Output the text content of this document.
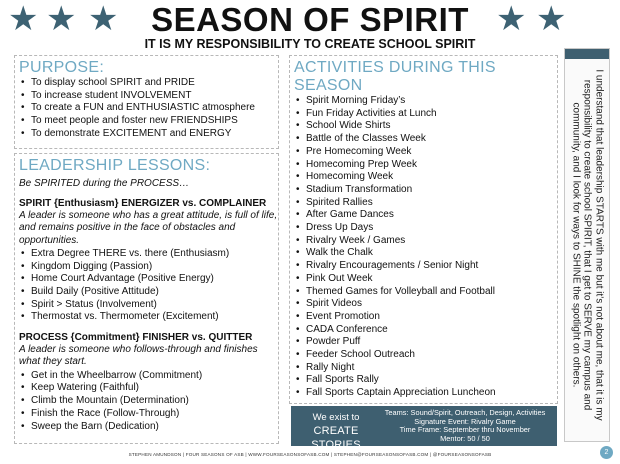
★ ★ ★	★ ★
SEASON OF SPIRIT
IT IS MY RESPONSIBILITY TO CREATE SCHOOL SPIRIT
PURPOSE:
• To display school SPIRIT and PRIDE
• To increase student INVOLVEMENT
• To create a FUN and ENTHUSIASTIC atmosphere
• To meet people and foster new FRIENDSHIPS
• To demonstrate EXCITEMENT and ENERGY
LEADERSHIP LESSONS:
Be SPIRITED during the PROCESS…
SPIRIT {Enthusiasm} ENERGIZER vs. COMPLAINER
A leader is someone who has a great attitude, is full of life, and remains positive in the face of obstacles and opportunities.
• Extra Degree THERE vs. there (Enthusiasm)
• Kingdom Digging (Passion)
• Home Court Advantage (Positive Energy)
• Build Daily (Positive Attitude)
• Spirit > Status (Involvement)
• Thermostat vs. Thermometer (Excitement)
PROCESS {Commitment} FINISHER vs. QUITTER
A leader is someone who follows-through and finishes what they start.
• Get in the Wheelbarrow (Commitment)
• Keep Watering (Faithful)
• Climb the Mountain (Determination)
• Finish the Race (Follow-Through)
• Sweep the Barn (Dedication)
ACTIVITIES DURING THIS SEASON
• Spirit Morning Friday’s
• Fun Friday Activities at Lunch
• School Wide Shirts
• Battle of the Classes Week
• Pre Homecoming Week
• Homecoming Prep Week
• Homecoming Week
• Stadium Transformation
• Spirited Rallies
• After Game Dances
• Dress Up Days
• Rivalry Week / Games
• Walk the Chalk
• Rivalry Encouragements / Senior Night
• Pink Out Week
• Themed Games for Volleyball and Football
• Spirit Videos
• Event Promotion
• CADA Conference
• Powder Puff
• Feeder School Outreach
• Rally Night
• Fall Sports Rally
• Fall Sports Captain Appreciation Luncheon
We exist to
CREATE STORIES
Teams: Sound/Spirit, Outreach, Design, Activities
Signature Event: Rivalry Game
Time Frame: September thru November
Mentor: 50 / 50
I understand that leadership STARTS with me but it’s not about me, that it is my responsibility to create school SPIRIT, that I get to SERVE my campus and community, and I look for ways to SHINE the spotlight on others.
STEPHEN AMUNDSON | FOUR SEASONS OF ASB | WWW.FOURSEASONSOFASB.COM | STEPHEN@FOURSEASONSOFASB.COM | @FOURSEASONSOFASB	2
